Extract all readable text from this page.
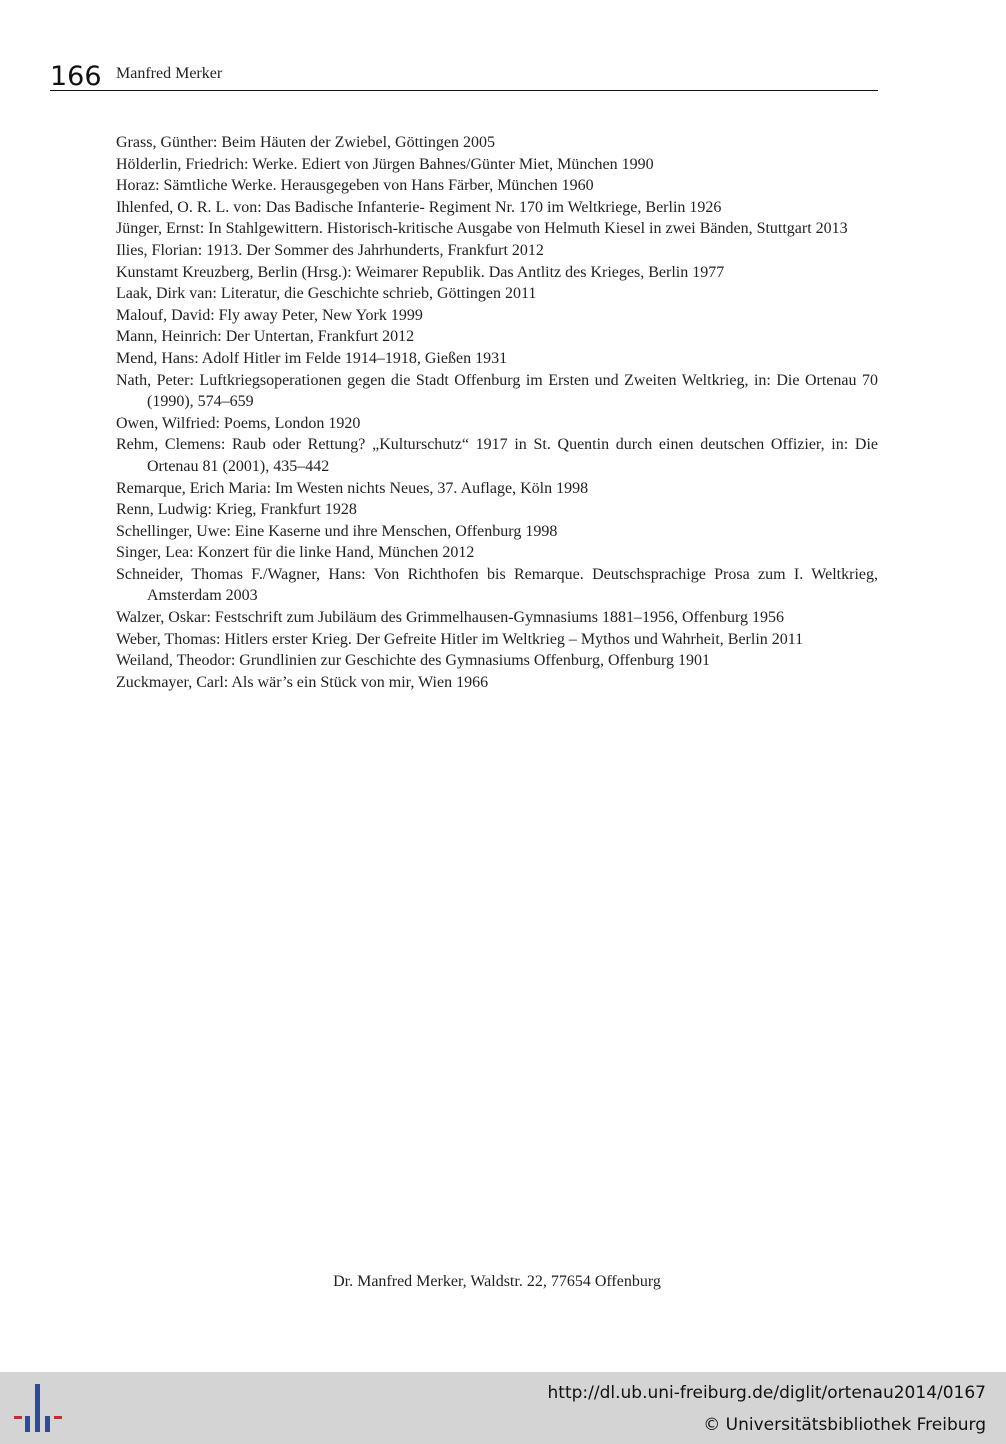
166 Manfred Merker
Grass, Günther: Beim Häuten der Zwiebel, Göttingen 2005
Hölderlin, Friedrich: Werke. Ediert von Jürgen Bahnes/Günter Miet, München 1990
Horaz: Sämtliche Werke. Herausgegeben von Hans Färber, München 1960
Ihlenfed, O. R. L. von: Das Badische Infanterie- Regiment Nr. 170 im Weltkriege, Berlin 1926
Jünger, Ernst: In Stahlgewittern. Historisch-kritische Ausgabe von Helmuth Kiesel in zwei Bänden, Stuttgart 2013
Ilies, Florian: 1913. Der Sommer des Jahrhunderts, Frankfurt 2012
Kunstamt Kreuzberg, Berlin (Hrsg.): Weimarer Republik. Das Antlitz des Krieges, Berlin 1977
Laak, Dirk van: Literatur, die Geschichte schrieb, Göttingen 2011
Malouf, David: Fly away Peter, New York 1999
Mann, Heinrich: Der Untertan, Frankfurt 2012
Mend, Hans: Adolf Hitler im Felde 1914–1918, Gießen 1931
Nath, Peter: Luftkriegsoperationen gegen die Stadt Offenburg im Ersten und Zweiten Weltkrieg, in: Die Ortenau 70 (1990), 574–659
Owen, Wilfried: Poems, London 1920
Rehm, Clemens: Raub oder Rettung? „Kulturschutz“ 1917 in St. Quentin durch einen deutschen Offizier, in: Die Ortenau 81 (2001), 435–442
Remarque, Erich Maria: Im Westen nichts Neues, 37. Auflage, Köln 1998
Renn, Ludwig: Krieg, Frankfurt 1928
Schellinger, Uwe: Eine Kaserne und ihre Menschen, Offenburg 1998
Singer, Lea: Konzert für die linke Hand, München 2012
Schneider, Thomas F./Wagner, Hans: Von Richthofen bis Remarque. Deutschsprachige Prosa zum I. Weltkrieg, Amsterdam 2003
Walzer, Oskar: Festschrift zum Jubiläum des Grimmelhausen-Gymnasiums 1881–1956, Offenburg 1956
Weber, Thomas: Hitlers erster Krieg. Der Gefreite Hitler im Weltkrieg – Mythos und Wahrheit, Berlin 2011
Weiland, Theodor: Grundlinien zur Geschichte des Gymnasiums Offenburg, Offenburg 1901
Zuckmayer, Carl: Als wär’s ein Stück von mir, Wien 1966
Dr. Manfred Merker, Waldstr. 22, 77654 Offenburg
http://dl.ub.uni-freiburg.de/diglit/ortenau2014/0167
© Universitätsbibliothek Freiburg
